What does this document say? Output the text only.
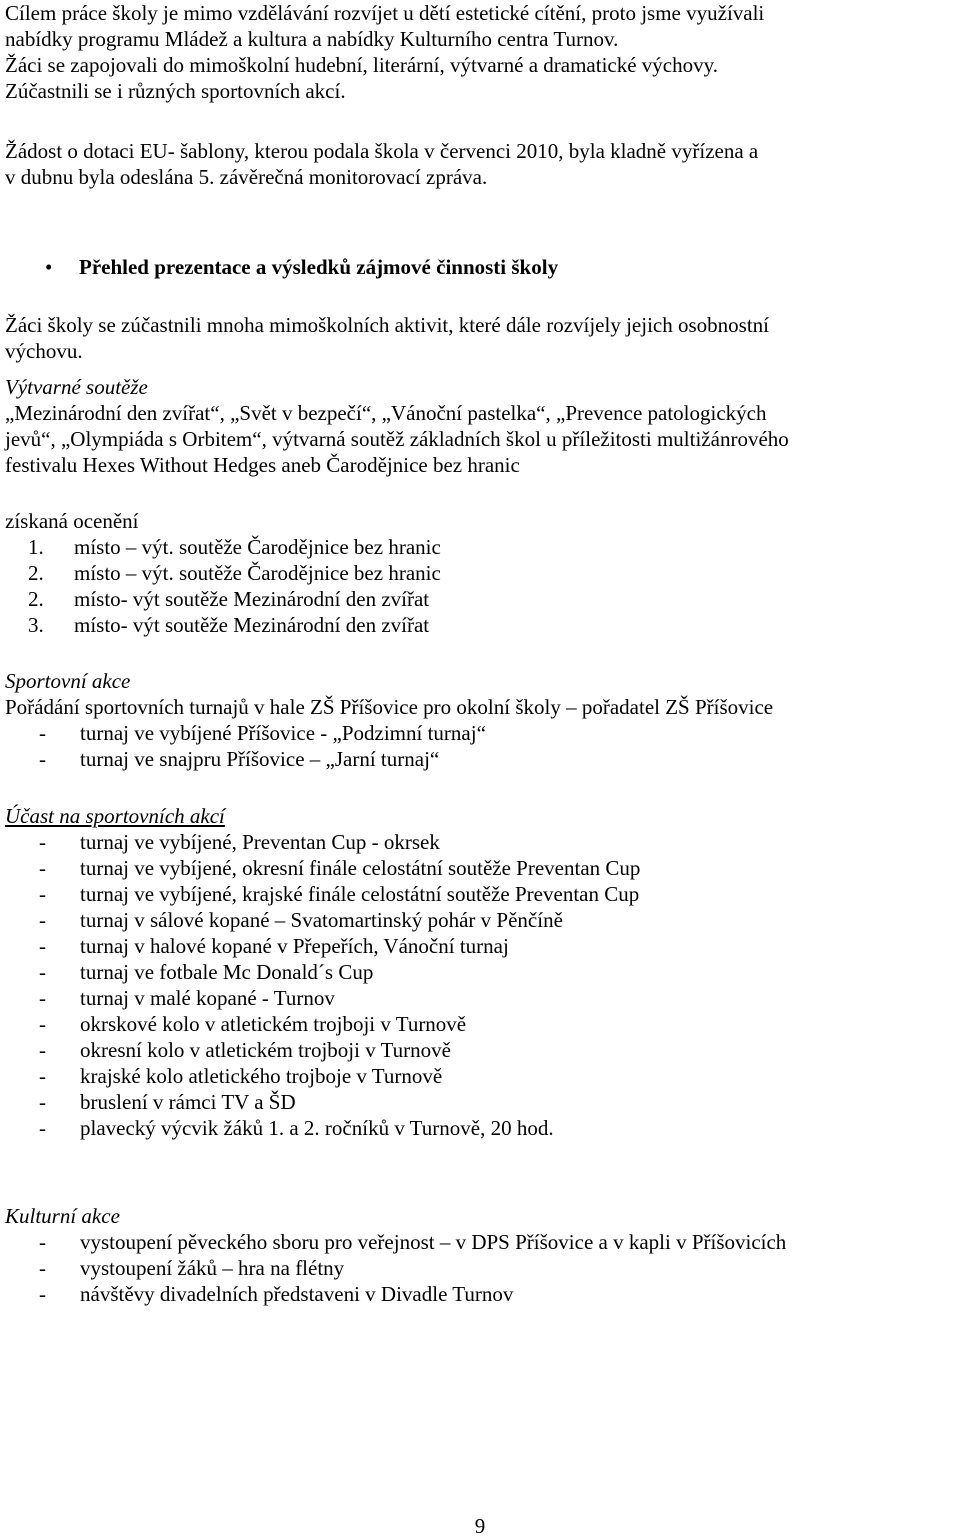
Cílem práce školy je mimo vzdělávání rozvíjet u dětí estetické cítění, proto jsme využívali
nabídky programu Mládež a kultura a nabídky Kulturního centra Turnov.
Žáci se zapojovali do mimoškolní hudební, literární, výtvarné a dramatické výchovy.
Zúčastnili se i různých sportovních akcí.
Žádost o dotaci EU- šablony, kterou podala škola v červenci 2010, byla kladně vyřízena a
v dubnu byla odeslána 5. závěrečná monitorovací zpráva.
• Přehled prezentace a výsledků zájmové činnosti školy
Žáci školy se zúčastnili mnoha mimoškolních aktivit, které dále rozvíjely jejich osobnostní
výchovu.
Výtvarné soutěže
„Mezinárodní den zvířat“, „Svět v bezpečí“, „Vánoční pastelka“, „Prevence patologických
jevů“, „Olympiáda s Orbitem“, výtvarná soutěž základních škol u příležitosti multižánrového
festivalu Hexes Without Hedges aneb Čarodějnice bez hranic
získaná ocenění
1. místo – výt. soutěže Čarodějnice bez hranic
2. místo – výt. soutěže Čarodějnice bez hranic
2. místo- výt soutěže Mezinárodní den zvířat
3. místo- výt soutěže Mezinárodní den zvířat
Sportovní akce
Pořádání sportovních turnajů v hale ZŠ Příšovice pro okolní školy – pořadatel ZŠ Příšovice
- turnaj ve vybíjené Příšovice - „Podzimní turnaj“
- turnaj ve snajpru Příšovice – „Jarní turnaj“
Účast na sportovních akcí
- turnaj ve vybíjené, Preventan Cup - okrsek
- turnaj ve vybíjené, okresní finále celostátní soutěže Preventan Cup
- turnaj ve vybíjené, krajské finále celostátní soutěže Preventan Cup
- turnaj v sálové kopané – Svatomartinský pohár v Pěnčíně
- turnaj v halové kopané v Přepeřích, Vánoční turnaj
- turnaj ve fotbale Mc Donald´s Cup
- turnaj v malé kopané - Turnov
- okrskové kolo v atletickém trojboji v Turnově
- okresní kolo v atletickém trojboji v Turnově
- krajské kolo atletického trojboje v Turnově
- bruslení v rámci TV a ŠD
- plavecký výcvik žáků 1. a 2. ročníků v Turnově, 20 hod.
Kulturní akce
- vystoupení pěveckého sboru pro veřejnost – v DPS Příšovice a v kapli v Příšovicích
- vystoupení žáků – hra na flétny
- návštěvy divadelních představeni v Divadle Turnov
9
